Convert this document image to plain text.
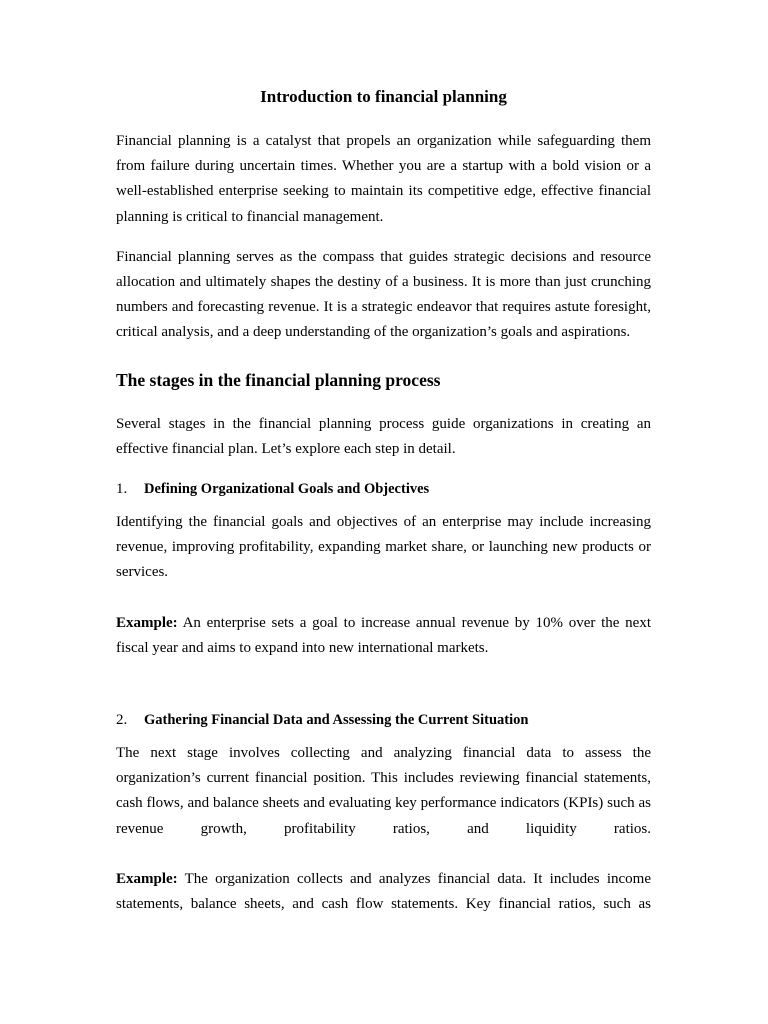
Introduction to financial planning

Financial planning is a catalyst that propels an organization while safeguarding them from failure during uncertain times. Whether you are a startup with a bold vision or a well-established enterprise seeking to maintain its competitive edge, effective financial planning is critical to financial management.

Financial planning serves as the compass that guides strategic decisions and resource allocation and ultimately shapes the destiny of a business. It is more than just crunching numbers and forecasting revenue. It is a strategic endeavor that requires astute foresight, critical analysis, and a deep understanding of the organization’s goals and aspirations.

The stages in the financial planning process

Several stages in the financial planning process guide organizations in creating an effective financial plan. Let’s explore each step in detail.

1.	Defining Organizational Goals and Objectives

Identifying the financial goals and objectives of an enterprise may include increasing revenue, improving profitability, expanding market share, or launching new products or services.

Example: An enterprise sets a goal to increase annual revenue by 10% over the next fiscal year and aims to expand into new international markets.

2.	Gathering Financial Data and Assessing the Current Situation

The next stage involves collecting and analyzing financial data to assess the organization’s current financial position. This includes reviewing financial statements, cash flows, and balance sheets and evaluating key performance indicators (KPIs) such as revenue growth, profitability ratios, and liquidity ratios.

Example: The organization collects and analyzes financial data. It includes income statements, balance sheets, and cash flow statements. Key financial ratios, such as
